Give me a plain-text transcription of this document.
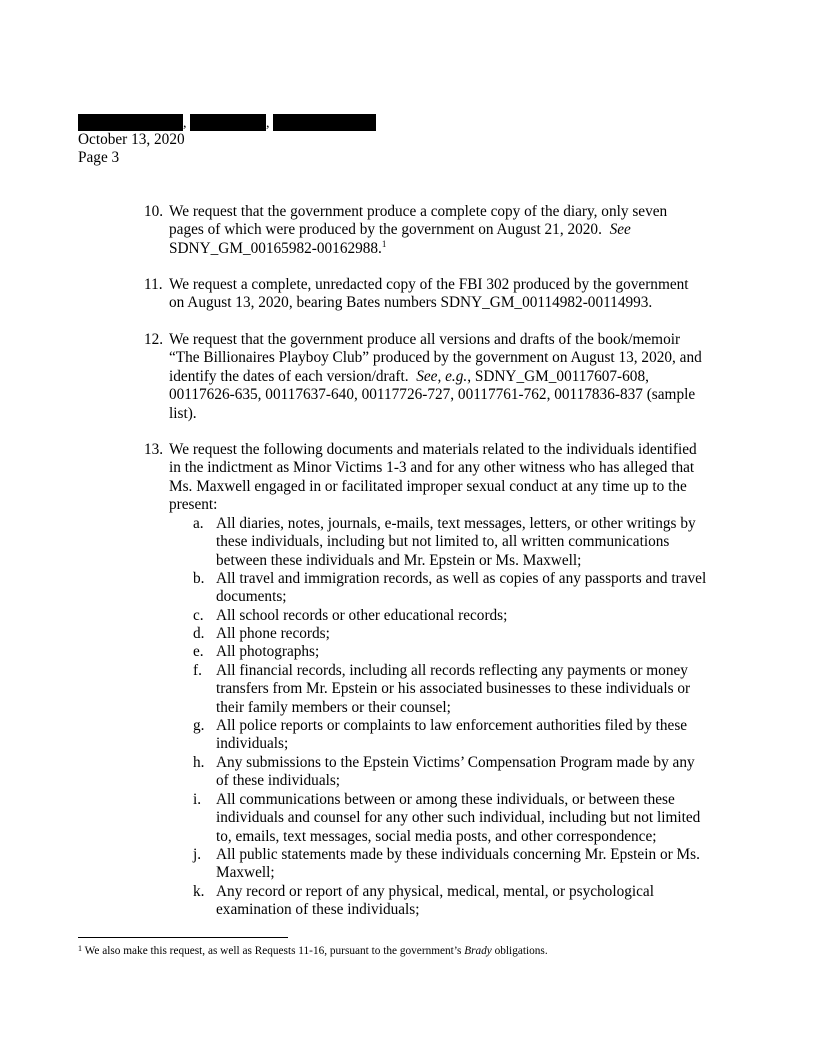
,	,
October 13, 2020
Page 3
10. We request that the government produce a complete copy of the diary, only seven
pages of which were produced by the government on August 21, 2020. See
SDNY_GM_00165982-00162988.$^1$
11. We request a complete, unredacted copy of the FBI 302 produced by the government
on August 13, 2020, bearing Bates numbers SDNY_GM_00114982-00114993.
12. We request that the government produce all versions and drafts of the book/memoir
“The Billionaires Playboy Club” produced by the government on August 13, 2020, and
identify the dates of each version/draft. See, e.g., SDNY_GM_00117607-608,
00117626-635, 00117637-640, 00117726-727, 00117761-762, 00117836-837 (sample
list).
13. We request the following documents and materials related to the individuals identified
in the indictment as Minor Victims 1-3 and for any other witness who has alleged that
Ms. Maxwell engaged in or facilitated improper sexual conduct at any time up to the
present:
a. All diaries, notes, journals, e-mails, text messages, letters, or other writings by
these individuals, including but not limited to, all written communications
between these individuals and Mr. Epstein or Ms. Maxwell;
b. All travel and immigration records, as well as copies of any passports and travel
documents;
c. All school records or other educational records;
d. All phone records;
e. All photographs;
f. All financial records, including all records reflecting any payments or money
transfers from Mr. Epstein or his associated businesses to these individuals or
their family members or their counsel;
g. All police reports or complaints to law enforcement authorities filed by these
individuals;
h. Any submissions to the Epstein Victims’ Compensation Program made by any
of these individuals;
i. All communications between or among these individuals, or between these
individuals and counsel for any other such individual, including but not limited
to, emails, text messages, social media posts, and other correspondence;
j. All public statements made by these individuals concerning Mr. Epstein or Ms.
Maxwell;
k. Any record or report of any physical, medical, mental, or psychological
examination of these individuals;
$^1$ We also make this request, as well as Requests 11-16, pursuant to the government’s Brady obligations.
